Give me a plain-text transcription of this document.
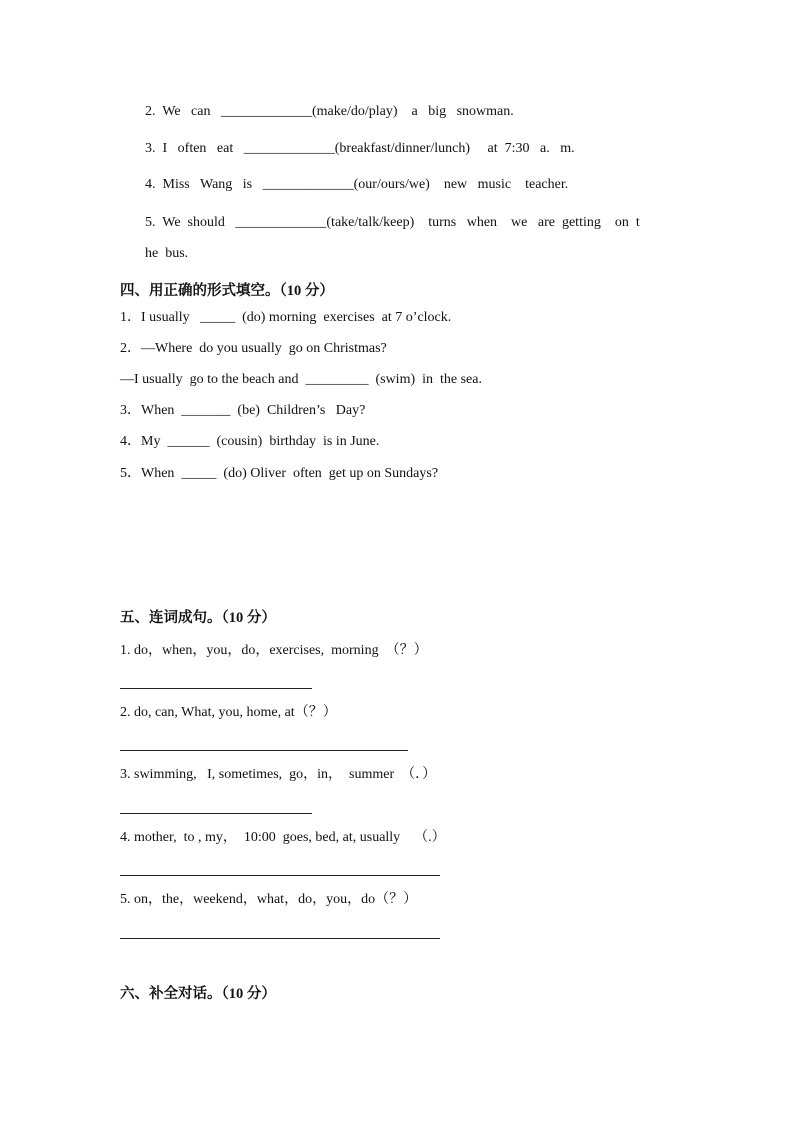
2.  We   can   _____________(make/do/play)    a   big   snowman.
3.  I   often   eat   _____________(breakfast/dinner/lunch)     at  7:30   a.   m.
4.  Miss   Wang   is   _____________(our/ours/we)    new   music    teacher.
5.  We  should   _____________(take/talk/keep)    turns   when    we   are  getting    on  t
he  bus.
四、用正确的形式填空。（10 分）
1．I usually   _____  (do) morning  exercises  at 7 o’clock.
2．—Where  do you usually  go on Christmas?
—I usually  go to the beach and  _________  (swim)  in  the sea.
3．When  _______  (be)  Children’s   Day?
4．My  ______  (cousin)  birthday  is in June.
5．When  _____  (do) Oliver  often  get up on Sundays?
五、连词成句。（10 分）
1. do，when，you，do，exercises,  morning  （？）
2. do, can, What, you, home, at（？）
3. swimming,   I, sometimes,  go，in，  summer  （．）
4. mother,  to , my，  10:00  goes, bed, at, usually    （.）
5. on，the，weekend，what，do，you，do（？）
六、补全对话。（10 分）
